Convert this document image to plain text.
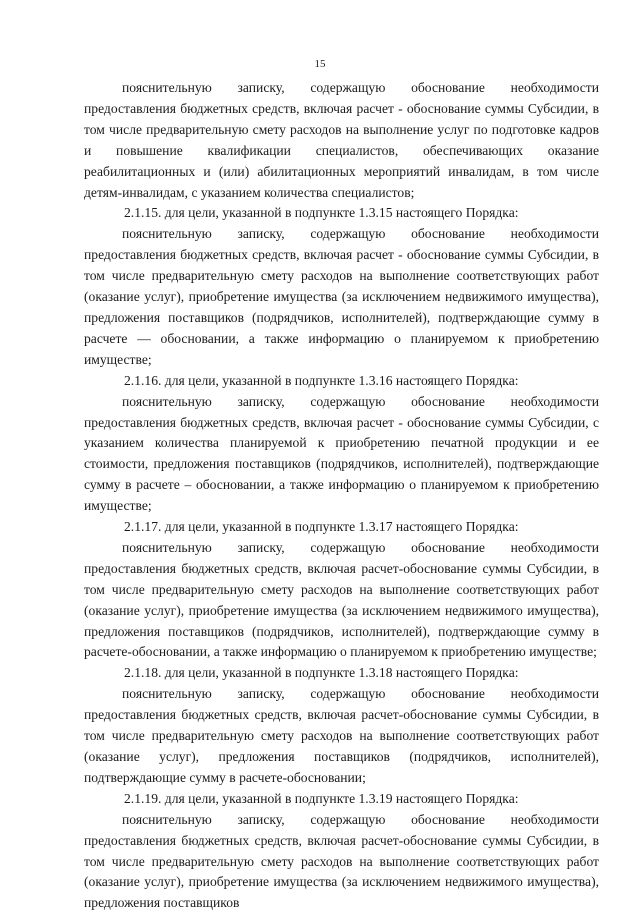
15

пояснительную записку, содержащую обоснование необходимости предоставления бюджетных средств, включая расчет - обоснование суммы Субсидии, в том числе предварительную смету расходов на выполнение услуг по подготовке кадров и повышение квалификации специалистов, обеспечивающих оказание реабилитационных и (или) абилитационных мероприятий инвалидам, в том числе детям-инвалидам, с указанием количества специалистов;

2.1.15. для цели, указанной в подпункте 1.3.15 настоящего Порядка:

пояснительную записку, содержащую обоснование необходимости предоставления бюджетных средств, включая расчет - обоснование суммы Субсидии, в том числе предварительную смету расходов на выполнение соответствующих работ (оказание услуг), приобретение имущества (за исключением недвижимого имущества), предложения поставщиков (подрядчиков, исполнителей), подтверждающие сумму в расчете — обосновании, а также информацию о планируемом к приобретению имуществе;

2.1.16. для цели, указанной в подпункте 1.3.16 настоящего Порядка:

пояснительную записку, содержащую обоснование необходимости предоставления бюджетных средств, включая расчет - обоснование суммы Субсидии, с указанием количества планируемой к приобретению печатной продукции и ее стоимости, предложения поставщиков (подрядчиков, исполнителей), подтверждающие сумму в расчете – обосновании, а также информацию о планируемом к приобретению имуществе;

2.1.17. для цели, указанной в подпункте 1.3.17 настоящего Порядка:

пояснительную записку, содержащую обоснование необходимости предоставления бюджетных средств, включая расчет-обоснование суммы Субсидии, в том числе предварительную смету расходов на выполнение соответствующих работ (оказание услуг), приобретение имущества (за исключением недвижимого имущества), предложения поставщиков (подрядчиков, исполнителей), подтверждающие сумму в расчете-обосновании, а также информацию о планируемом к приобретению имуществе;

2.1.18. для цели, указанной в подпункте 1.3.18 настоящего Порядка:

пояснительную записку, содержащую обоснование необходимости предоставления бюджетных средств, включая расчет-обоснование суммы Субсидии, в том числе предварительную смету расходов на выполнение соответствующих работ (оказание услуг), предложения поставщиков (подрядчиков, исполнителей), подтверждающие сумму в расчете-обосновании;

2.1.19. для цели, указанной в подпункте 1.3.19 настоящего Порядка:

пояснительную записку, содержащую обоснование необходимости предоставления бюджетных средств, включая расчет-обоснование суммы Субсидии, в том числе предварительную смету расходов на выполнение соответствующих работ (оказание услуг), приобретение имущества (за исключением недвижимого имущества), предложения поставщиков
